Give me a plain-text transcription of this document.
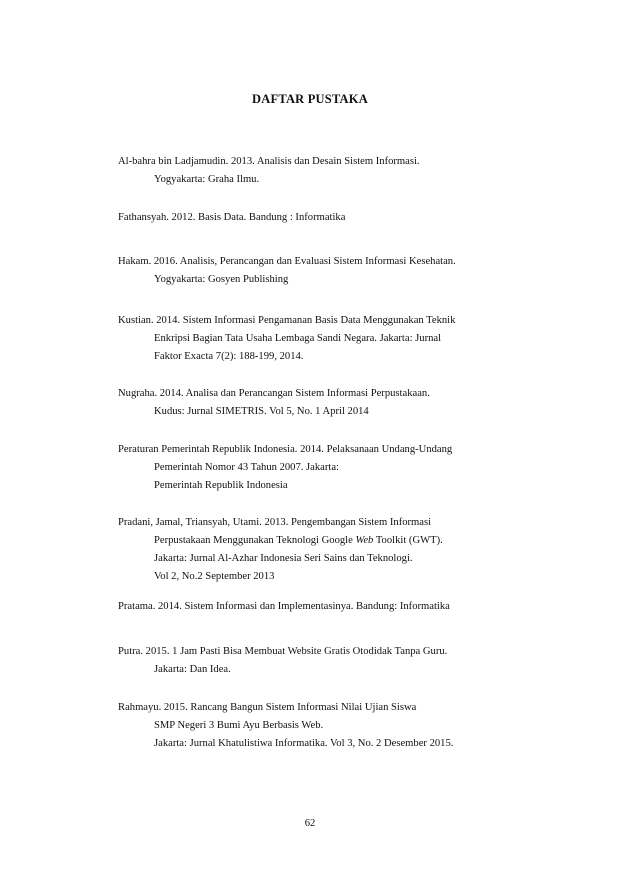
DAFTAR PUSTAKA
Al-bahra bin Ladjamudin. 2013. Analisis dan Desain Sistem Informasi.
Yogyakarta: Graha Ilmu.
Fathansyah. 2012. Basis Data. Bandung : Informatika
Hakam. 2016. Analisis, Perancangan dan Evaluasi Sistem Informasi Kesehatan.
Yogyakarta: Gosyen Publishing
Kustian. 2014. Sistem Informasi Pengamanan Basis Data Menggunakan Teknik
Enkripsi Bagian Tata Usaha Lembaga Sandi Negara. Jakarta: Jurnal
Faktor Exacta 7(2): 188-199, 2014.
Nugraha. 2014. Analisa dan Perancangan Sistem Informasi Perpustakaan.
Kudus: Jurnal SIMETRIS. Vol 5, No. 1 April 2014
Peraturan Pemerintah Republik Indonesia. 2014. Pelaksanaan Undang-Undang
Pemerintah Nomor 43 Tahun 2007. Jakarta:
Pemerintah Republik Indonesia
Pradani, Jamal, Triansyah, Utami. 2013. Pengembangan Sistem Informasi
Perpustakaan Menggunakan Teknologi Google Web Toolkit (GWT).
Jakarta: Jurnal Al-Azhar Indonesia Seri Sains dan Teknologi.
Vol 2, No.2 September 2013
Pratama. 2014. Sistem Informasi dan Implementasinya. Bandung: Informatika
Putra. 2015. 1 Jam Pasti Bisa Membuat Website Gratis Otodidak Tanpa Guru.
Jakarta: Dan Idea.
Rahmayu. 2015. Rancang Bangun Sistem Informasi Nilai Ujian Siswa
SMP Negeri 3 Bumi Ayu Berbasis Web.
Jakarta: Jurnal Khatulistiwa Informatika. Vol 3, No. 2 Desember 2015.
62
